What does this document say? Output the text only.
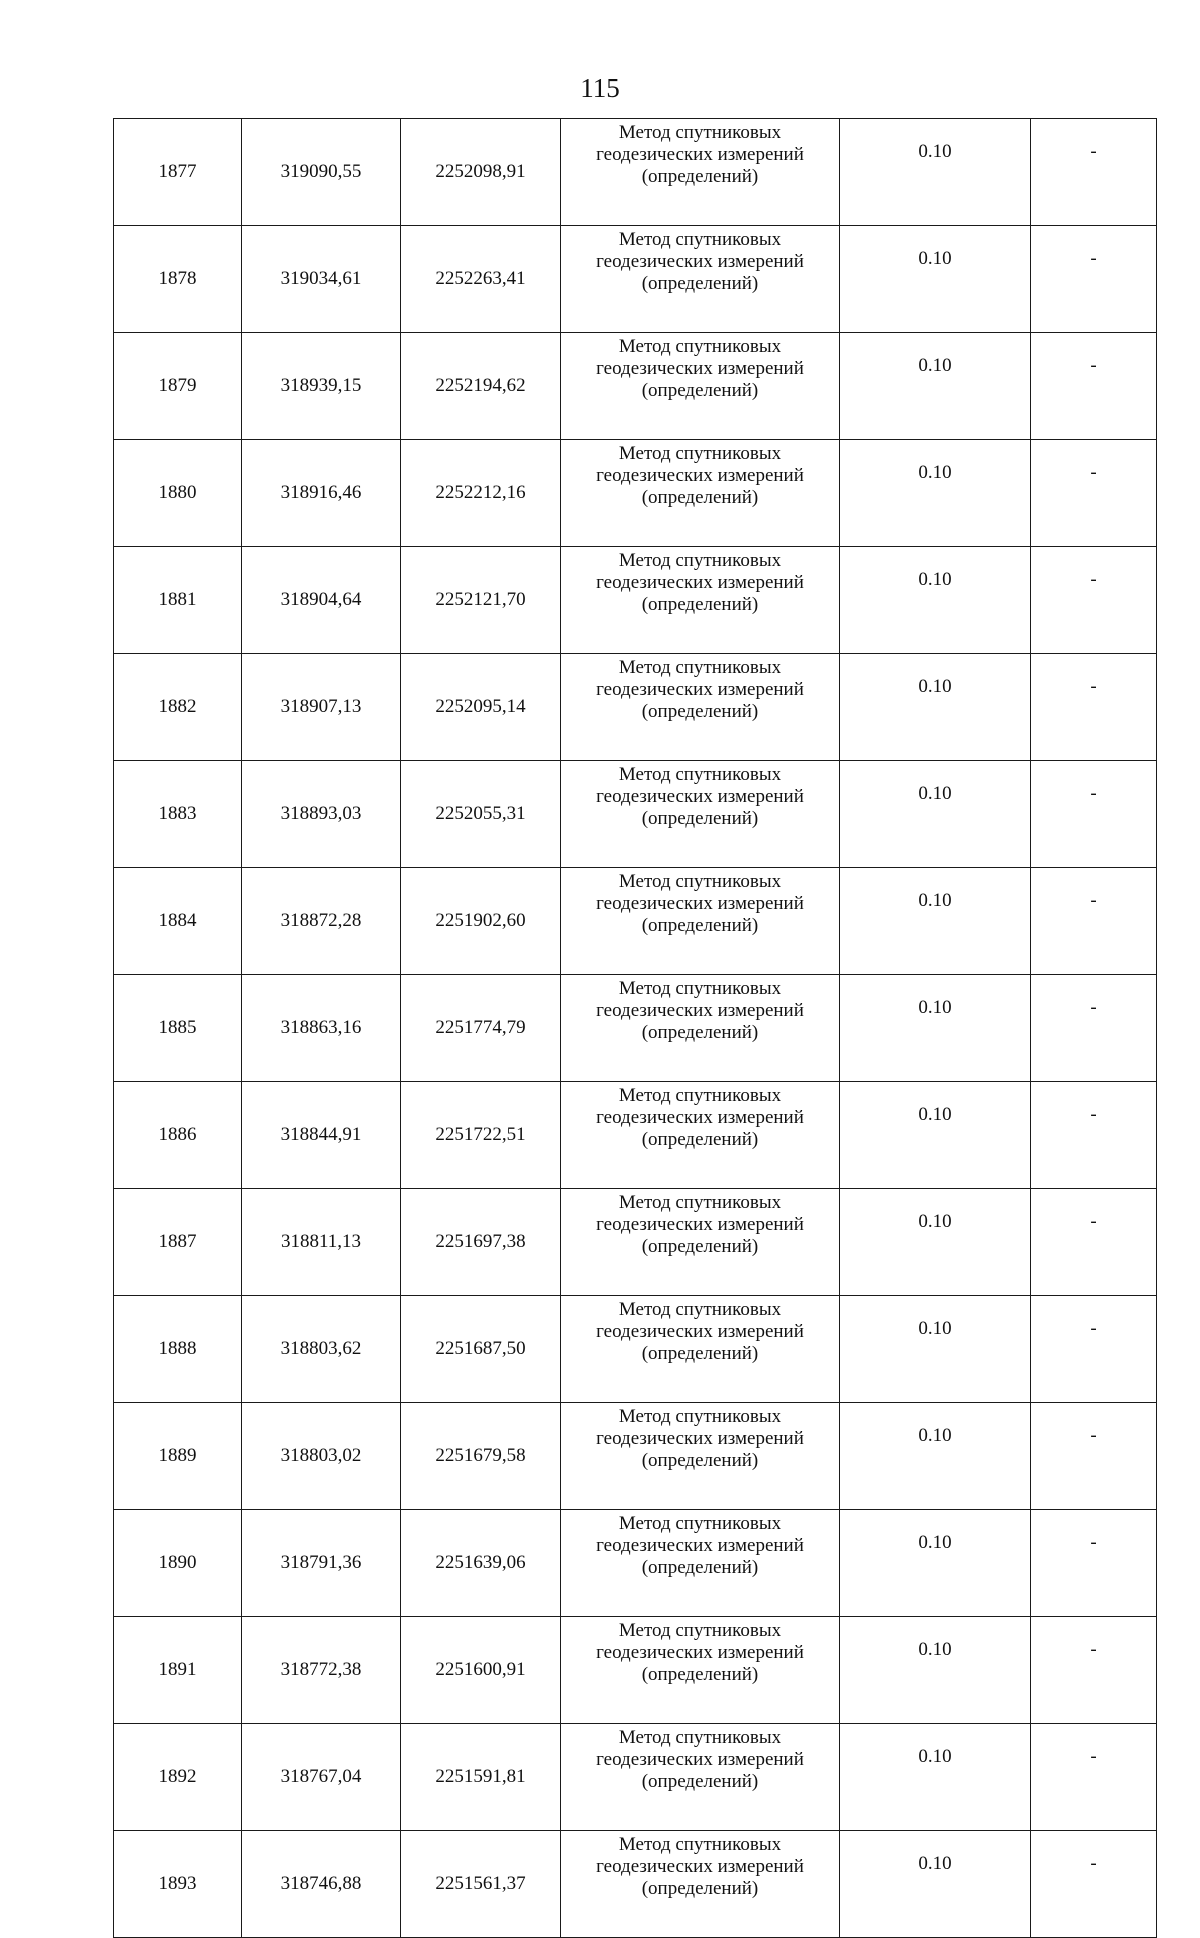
115
1877	319090,55	2252098,91	Метод спутниковых
геодезических измерений
(определений)	0.10	-
1878	319034,61	2252263,41	Метод спутниковых
геодезических измерений
(определений)	0.10	-
1879	318939,15	2252194,62	Метод спутниковых
геодезических измерений
(определений)	0.10	-
1880	318916,46	2252212,16	Метод спутниковых
геодезических измерений
(определений)	0.10	-
1881	318904,64	2252121,70	Метод спутниковых
геодезических измерений
(определений)	0.10	-
1882	318907,13	2252095,14	Метод спутниковых
геодезических измерений
(определений)	0.10	-
1883	318893,03	2252055,31	Метод спутниковых
геодезических измерений
(определений)	0.10	-
1884	318872,28	2251902,60	Метод спутниковых
геодезических измерений
(определений)	0.10	-
1885	318863,16	2251774,79	Метод спутниковых
геодезических измерений
(определений)	0.10	-
1886	318844,91	2251722,51	Метод спутниковых
геодезических измерений
(определений)	0.10	-
1887	318811,13	2251697,38	Метод спутниковых
геодезических измерений
(определений)	0.10	-
1888	318803,62	2251687,50	Метод спутниковых
геодезических измерений
(определений)	0.10	-
1889	318803,02	2251679,58	Метод спутниковых
геодезических измерений
(определений)	0.10	-
1890	318791,36	2251639,06	Метод спутниковых
геодезических измерений
(определений)	0.10	-
1891	318772,38	2251600,91	Метод спутниковых
геодезических измерений
(определений)	0.10	-
1892	318767,04	2251591,81	Метод спутниковых
геодезических измерений
(определений)	0.10	-
1893	318746,88	2251561,37	Метод спутниковых
геодезических измерений
(определений)	0.10	-
